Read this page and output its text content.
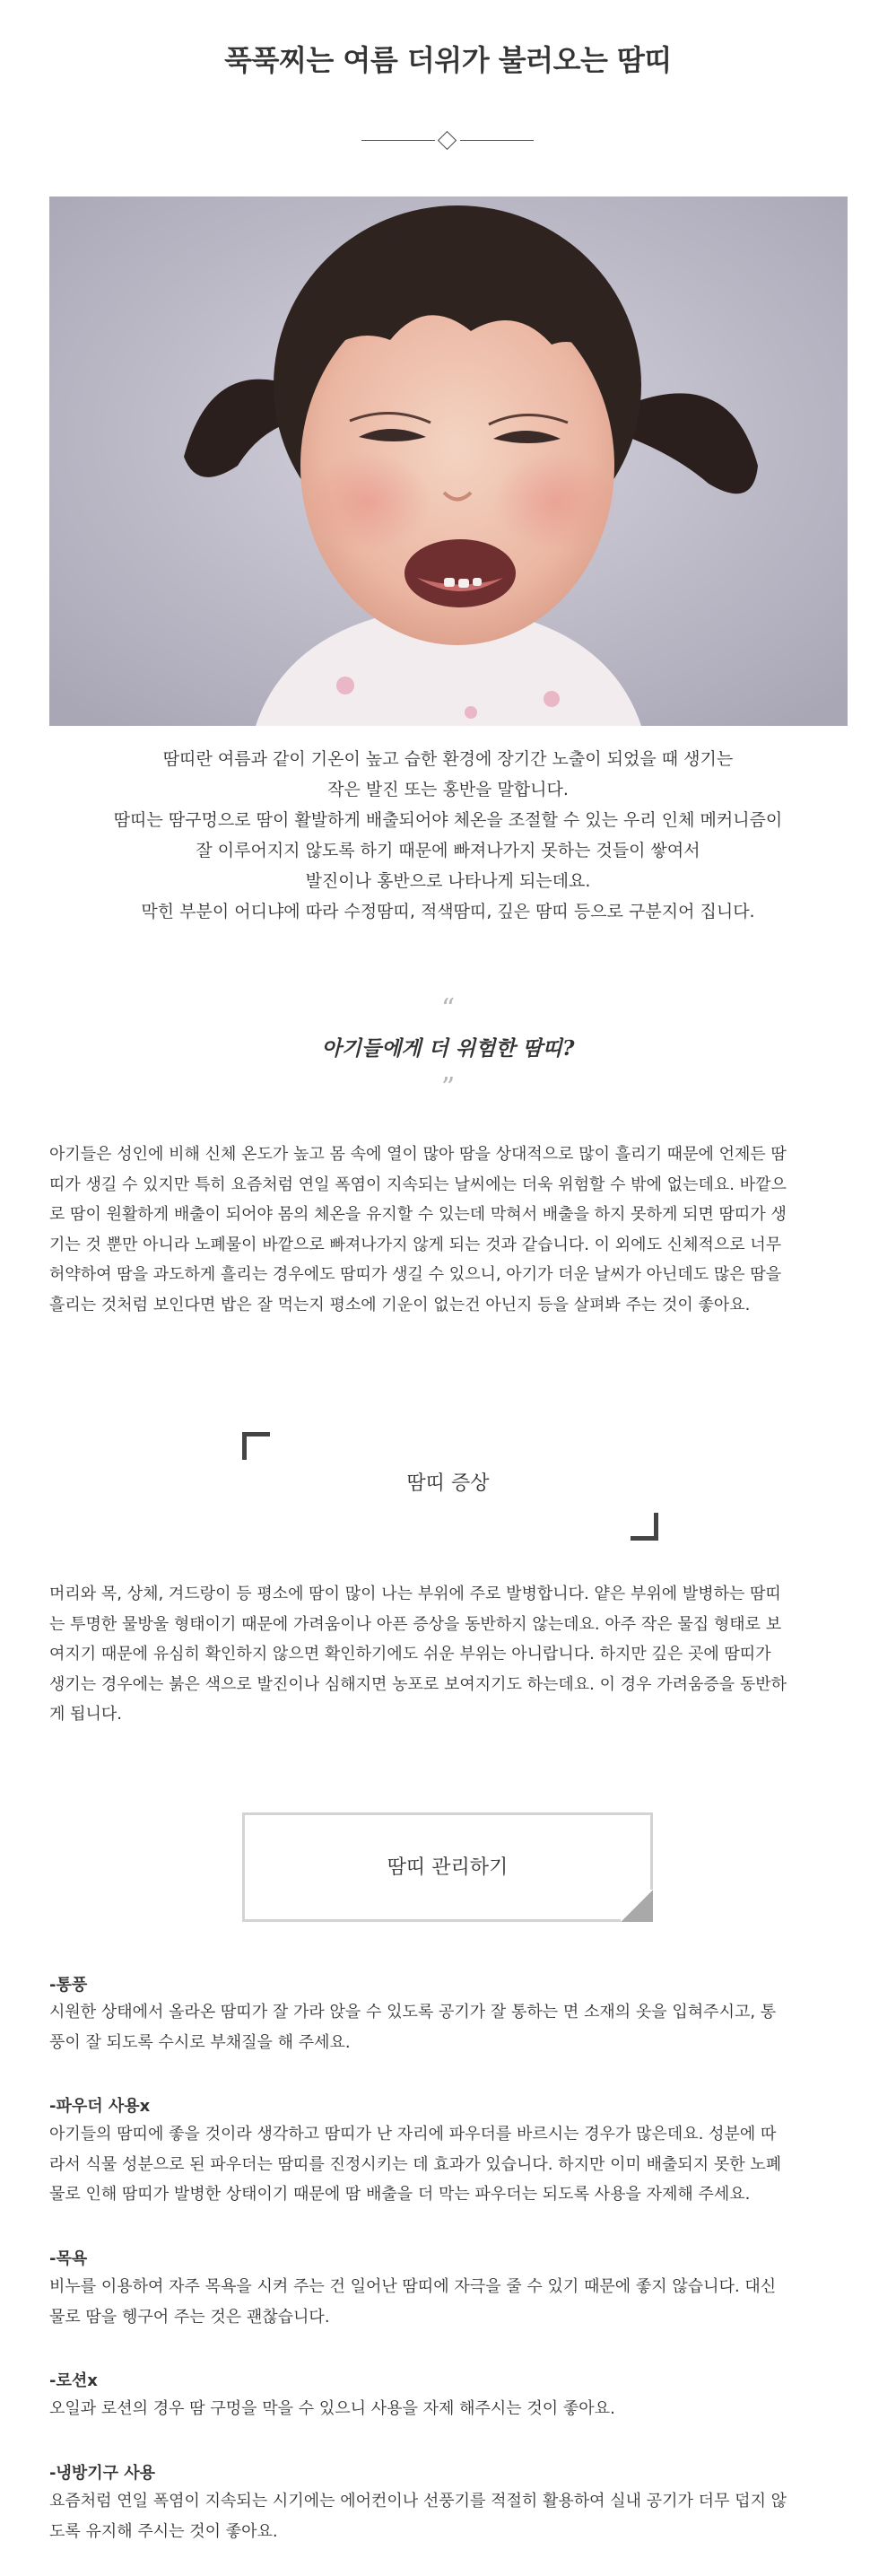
푹푹찌는 여름 더위가 불러오는 땀띠

땀띠란 여름과 같이 기온이 높고 습한 환경에 장기간 노출이 되었을 때 생기는

작은 발진 또는 홍반을 말합니다.

땀띠는 땀구멍으로 땀이 활발하게 배출되어야 체온을 조절할 수 있는 우리 인체 메커니즘이

잘 이루어지지 않도록 하기 때문에 빠져나가지 못하는 것들이 쌓여서

발진이나 홍반으로 나타나게 되는데요.

막힌 부분이 어디냐에 따라 수정땀띠, 적색땀띠, 깊은 땀띠 등으로 구분지어 집니다.

“
아기들에게 더 위험한 땀띠?
”
아기들은 성인에 비해 신체 온도가 높고 몸 속에 열이 많아 땀을 상대적으로 많이 흘리기 때문에 언제든 땀
띠가 생길 수 있지만 특히 요즘처럼 연일 폭염이 지속되는 날씨에는 더욱 위험할 수 밖에 없는데요. 바깥으
로 땀이 원활하게 배출이 되어야 몸의 체온을 유지할 수 있는데 막혀서 배출을 하지 못하게 되면 땀띠가 생
기는 것 뿐만 아니라 노폐물이 바깥으로 빠져나가지 않게 되는 것과 같습니다. 이 외에도 신체적으로 너무
허약하여 땀을 과도하게 흘리는 경우에도 땀띠가 생길 수 있으니, 아기가 더운 날씨가 아닌데도 많은 땀을
흘리는 것처럼 보인다면 밥은 잘 먹는지 평소에 기운이 없는건 아닌지 등을 살펴봐 주는 것이 좋아요.
땀띠 증상
머리와 목, 상체, 겨드랑이 등 평소에 땀이 많이 나는 부위에 주로 발병합니다. 얕은 부위에 발병하는 땀띠
는 투명한 물방울 형태이기 때문에 가려움이나 아픈 증상을 동반하지 않는데요. 아주 작은 물집 형태로 보
여지기 때문에 유심히 확인하지 않으면 확인하기에도 쉬운 부위는 아니랍니다. 하지만 깊은 곳에 땀띠가
생기는 경우에는 붉은 색으로 발진이나 심해지면 농포로 보여지기도 하는데요. 이 경우 가려움증을 동반하
게 됩니다.
땀띠 관리하기
-통풍
시원한 상태에서 올라온 땀띠가 잘 가라 앉을 수 있도록 공기가 잘 통하는 면 소재의 옷을 입혀주시고, 통
풍이 잘 되도록 수시로 부채질을 해 주세요.
-파우더 사용x
아기들의 땀띠에 좋을 것이라 생각하고 땀띠가 난 자리에 파우더를 바르시는 경우가 많은데요. 성분에 따
라서 식물 성분으로 된 파우더는 땀띠를 진정시키는 데 효과가 있습니다. 하지만 이미 배출되지 못한 노폐
물로 인해 땀띠가 발병한 상태이기 때문에 땀 배출을 더 막는 파우더는 되도록 사용을 자제해 주세요.
-목욕
비누를 이용하여 자주 목욕을 시켜 주는 건 일어난 땀띠에 자극을 줄 수 있기 때문에 좋지 않습니다. 대신
물로 땀을 헹구어 주는 것은 괜찮습니다.
-로션x
오일과 로션의 경우 땀 구멍을 막을 수 있으니 사용을 자제 해주시는 것이 좋아요.
-냉방기구 사용
요즘처럼 연일 폭염이 지속되는 시기에는 에어컨이나 선풍기를 적절히 활용하여 실내 공기가 더무 덥지 않
도록 유지해 주시는 것이 좋아요.
